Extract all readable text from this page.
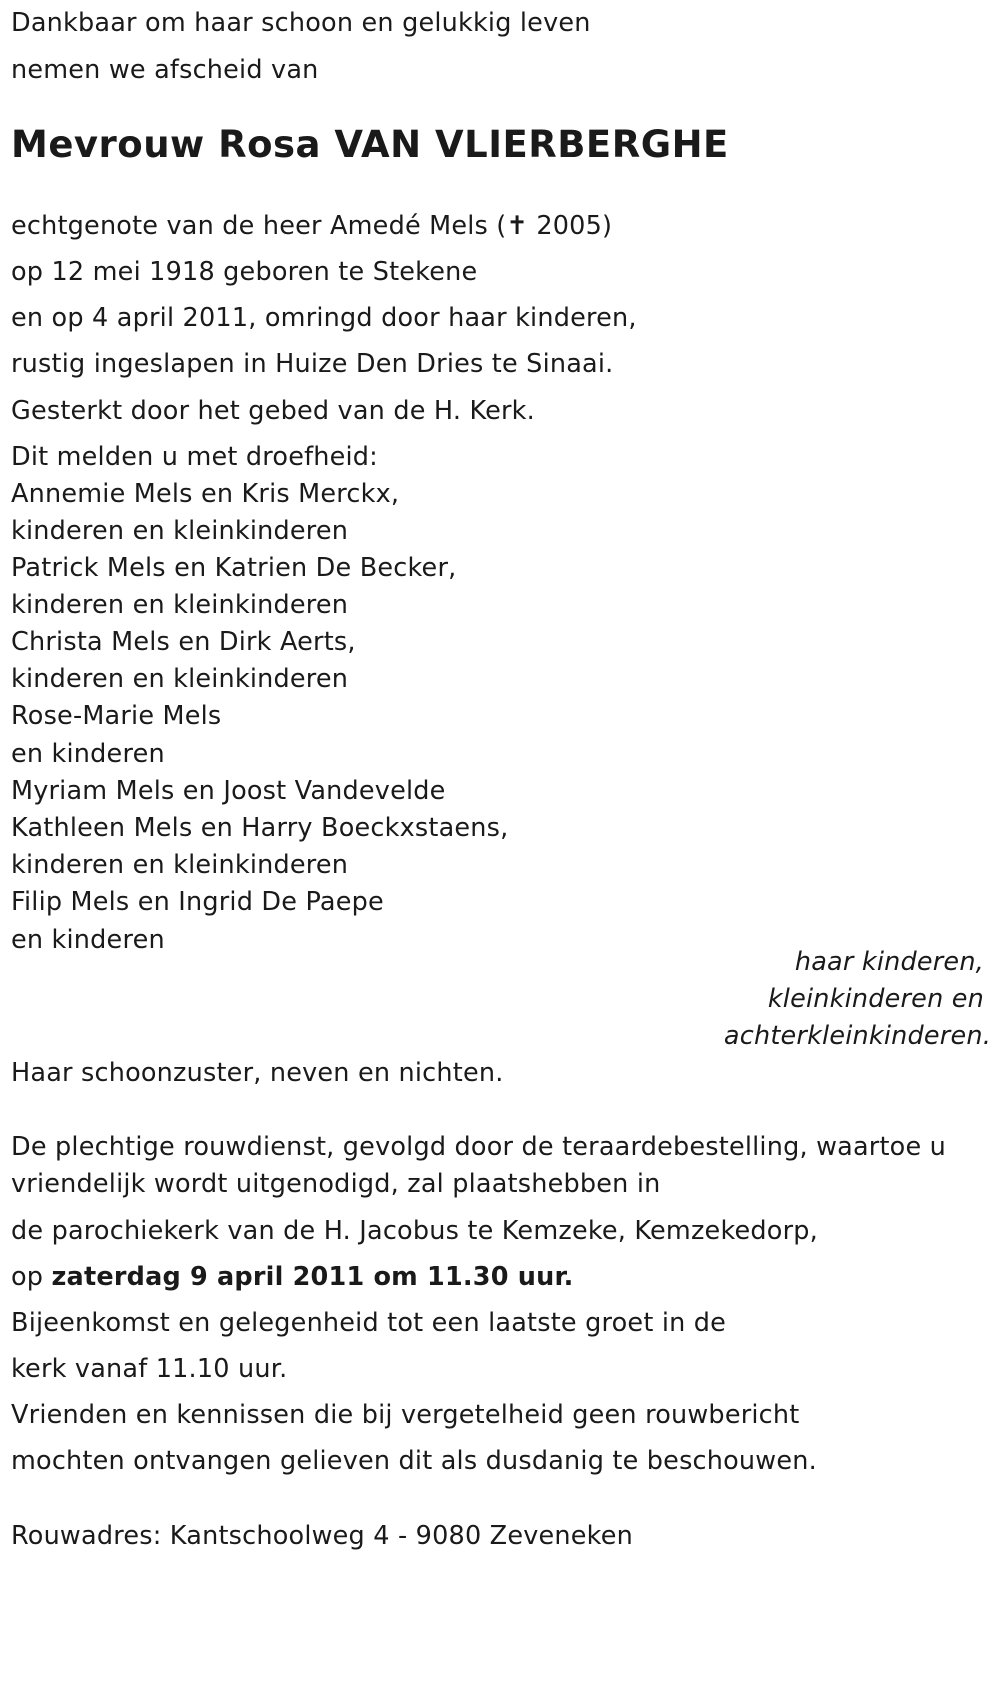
Dankbaar om haar schoon en gelukkig leven
nemen we afscheid van
Mevrouw Rosa VAN VLIERBERGHE
echtgenote van de heer Amedé Mels (✝ 2005)
op 12 mei 1918 geboren te Stekene
en op 4 april 2011, omringd door haar kinderen,
rustig ingeslapen in Huize Den Dries te Sinaai.
Gesterkt door het gebed van de H. Kerk.
Dit melden u met droefheid:
Annemie Mels en Kris Merckx,
kinderen en kleinkinderen
Patrick Mels en Katrien De Becker,
kinderen en kleinkinderen
Christa Mels en Dirk Aerts,
kinderen en kleinkinderen
Rose-Marie Mels
en kinderen
Myriam Mels en Joost Vandevelde
Kathleen Mels en Harry Boeckxstaens,
kinderen en kleinkinderen
Filip Mels en Ingrid De Paepe
en kinderen
haar kinderen,
kleinkinderen en
achterkleinkinderen.
Haar schoonzuster, neven en nichten.
De plechtige rouwdienst, gevolgd door de teraardebestelling, waartoe u
vriendelijk wordt uitgenodigd, zal plaatshebben in
de parochiekerk van de H. Jacobus te Kemzeke, Kemzekedorp,
op zaterdag 9 april 2011 om 11.30 uur.
Bijeenkomst en gelegenheid tot een laatste groet in de
kerk vanaf 11.10 uur.
Vrienden en kennissen die bij vergetelheid geen rouwbericht
mochten ontvangen gelieven dit als dusdanig te beschouwen.
Rouwadres: Kantschoolweg 4 - 9080 Zeveneken
